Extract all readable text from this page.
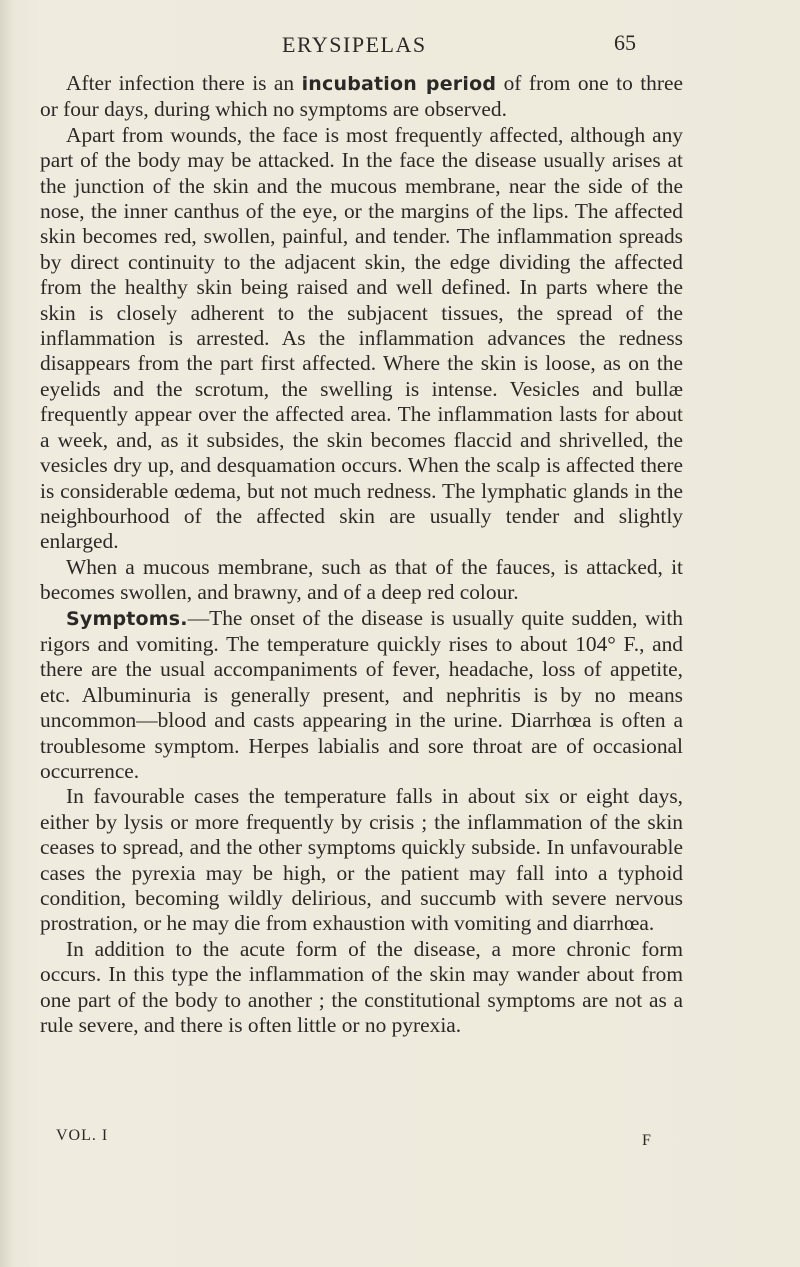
ERYSIPELAS	65

After infection there is an incubation period of from one to three or four days, during which no symptoms are observed.

Apart from wounds, the face is most frequently affected, although any part of the body may be attacked. In the face the disease usually arises at the junction of the skin and the mucous membrane, near the side of the nose, the inner canthus of the eye, or the margins of the lips. The affected skin becomes red, swollen, painful, and tender. The inflammation spreads by direct continuity to the adjacent skin, the edge dividing the affected from the healthy skin being raised and well defined. In parts where the skin is closely adherent to the subjacent tissues, the spread of the inflammation is arrested. As the inflammation advances the redness disappears from the part first affected. Where the skin is loose, as on the eyelids and the scrotum, the swelling is intense. Vesicles and bullæ frequently appear over the affected area. The inflammation lasts for about a week, and, as it subsides, the skin becomes flaccid and shrivelled, the vesicles dry up, and desquamation occurs. When the scalp is affected there is considerable œdema, but not much redness. The lymphatic glands in the neighbourhood of the affected skin are usually tender and slightly enlarged.

When a mucous membrane, such as that of the fauces, is attacked, it becomes swollen, and brawny, and of a deep red colour.

Symptoms.—The onset of the disease is usually quite sudden, with rigors and vomiting. The temperature quickly rises to about 104° F., and there are the usual accompaniments of fever, headache, loss of appetite, etc. Albuminuria is generally present, and nephritis is by no means uncommon—blood and casts appearing in the urine. Diarrhœa is often a troublesome symptom. Herpes labialis and sore throat are of occasional occurrence.

In favourable cases the temperature falls in about six or eight days, either by lysis or more frequently by crisis ; the inflammation of the skin ceases to spread, and the other symptoms quickly subside. In unfavourable cases the pyrexia may be high, or the patient may fall into a typhoid condition, becoming wildly delirious, and succumb with severe nervous prostration, or he may die from exhaustion with vomiting and diarrhœa.

In addition to the acute form of the disease, a more chronic form occurs. In this type the inflammation of the skin may wander about from one part of the body to another ; the constitutional symptoms are not as a rule severe, and there is often little or no pyrexia.

VOL. I	F
